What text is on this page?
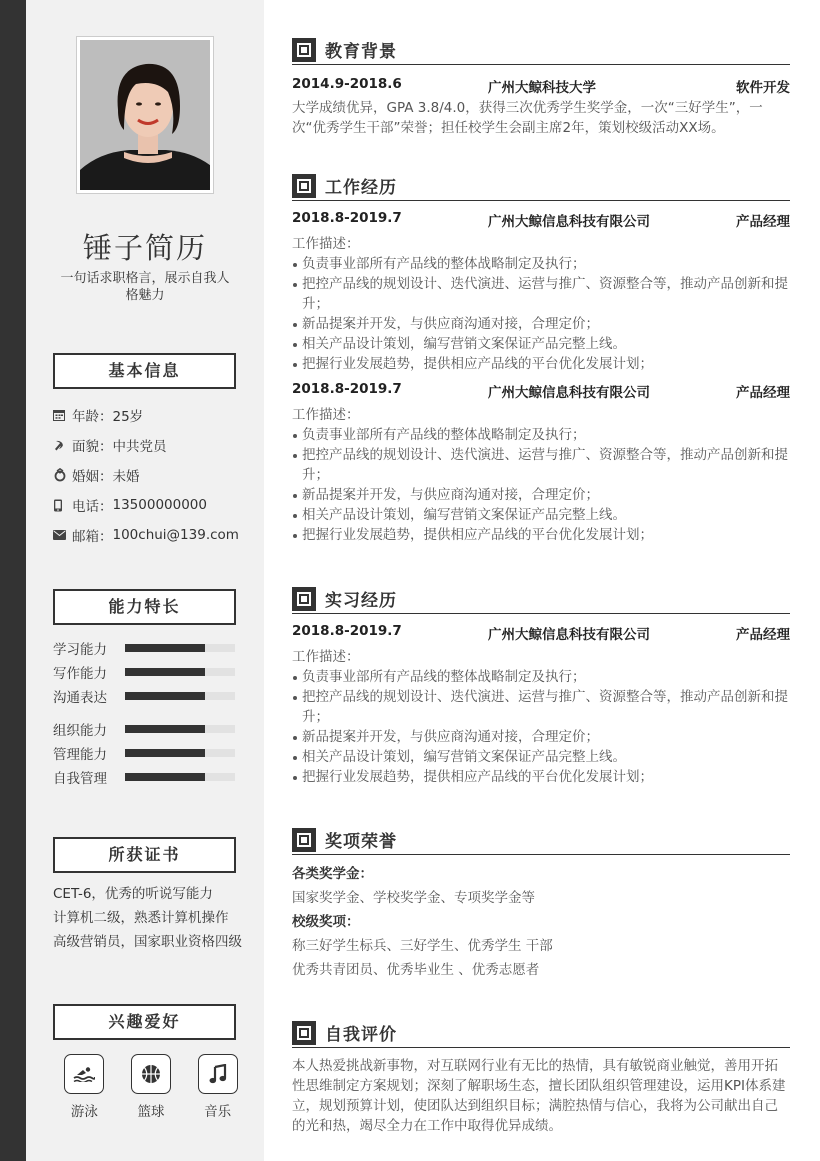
锤子简历
一句话求职格言，展示自我人格魅力
基本信息
年龄： 25岁
面貌： 中共党员
婚姻： 未婚
电话： 13500000000
邮箱： 100chui@139.com
能力特长
学习能力
写作能力
沟通表达
组织能力
管理能力
自我管理
所获证书
CET-6，优秀的听说写能力
计算机二级，熟悉计算机操作
高级营销员，国家职业资格四级
兴趣爱好
游泳	篮球	音乐
教育背景
2014.9-2018.6	广州大鲸科技大学	软件开发
大学成绩优异，GPA 3.8/4.0，获得三次优秀学生奖学金，一次“三好学生”，一次“优秀学生干部”荣誉；担任校学生会副主席2年，策划校级活动XX场。
工作经历
2018.8-2019.7	广州大鲸信息科技有限公司	产品经理
工作描述：
负责事业部所有产品线的整体战略制定及执行；
把控产品线的规划设计、迭代演进、运营与推广、资源整合等，推动产品创新和提升；
新品提案并开发，与供应商沟通对接，合理定价；
相关产品设计策划，编写营销文案保证产品完整上线。
把握行业发展趋势，提供相应产品线的平台优化发展计划；
2018.8-2019.7	广州大鲸信息科技有限公司	产品经理
工作描述：
负责事业部所有产品线的整体战略制定及执行；
把控产品线的规划设计、迭代演进、运营与推广、资源整合等，推动产品创新和提升；
新品提案并开发，与供应商沟通对接，合理定价；
相关产品设计策划，编写营销文案保证产品完整上线。
把握行业发展趋势，提供相应产品线的平台优化发展计划；
实习经历
2018.8-2019.7	广州大鲸信息科技有限公司	产品经理
工作描述：
负责事业部所有产品线的整体战略制定及执行；
把控产品线的规划设计、迭代演进、运营与推广、资源整合等，推动产品创新和提升；
新品提案并开发，与供应商沟通对接，合理定价；
相关产品设计策划，编写营销文案保证产品完整上线。
把握行业发展趋势，提供相应产品线的平台优化发展计划；
奖项荣誉
各类奖学金：
国家奖学金、学校奖学金、专项奖学金等
校级奖项：
称三好学生标兵、三好学生、优秀学生 干部
优秀共青团员、优秀毕业生 、优秀志愿者
自我评价
本人热爱挑战新事物，对互联网行业有无比的热情，具有敏锐商业触觉，善用开拓性思维制定方案规划；深刻了解职场生态，擅长团队组织管理建设，运用KPI体系建立，规划预算计划，使团队达到组织目标；满腔热情与信心，我将为公司献出自己的光和热，竭尽全力在工作中取得优异成绩。
